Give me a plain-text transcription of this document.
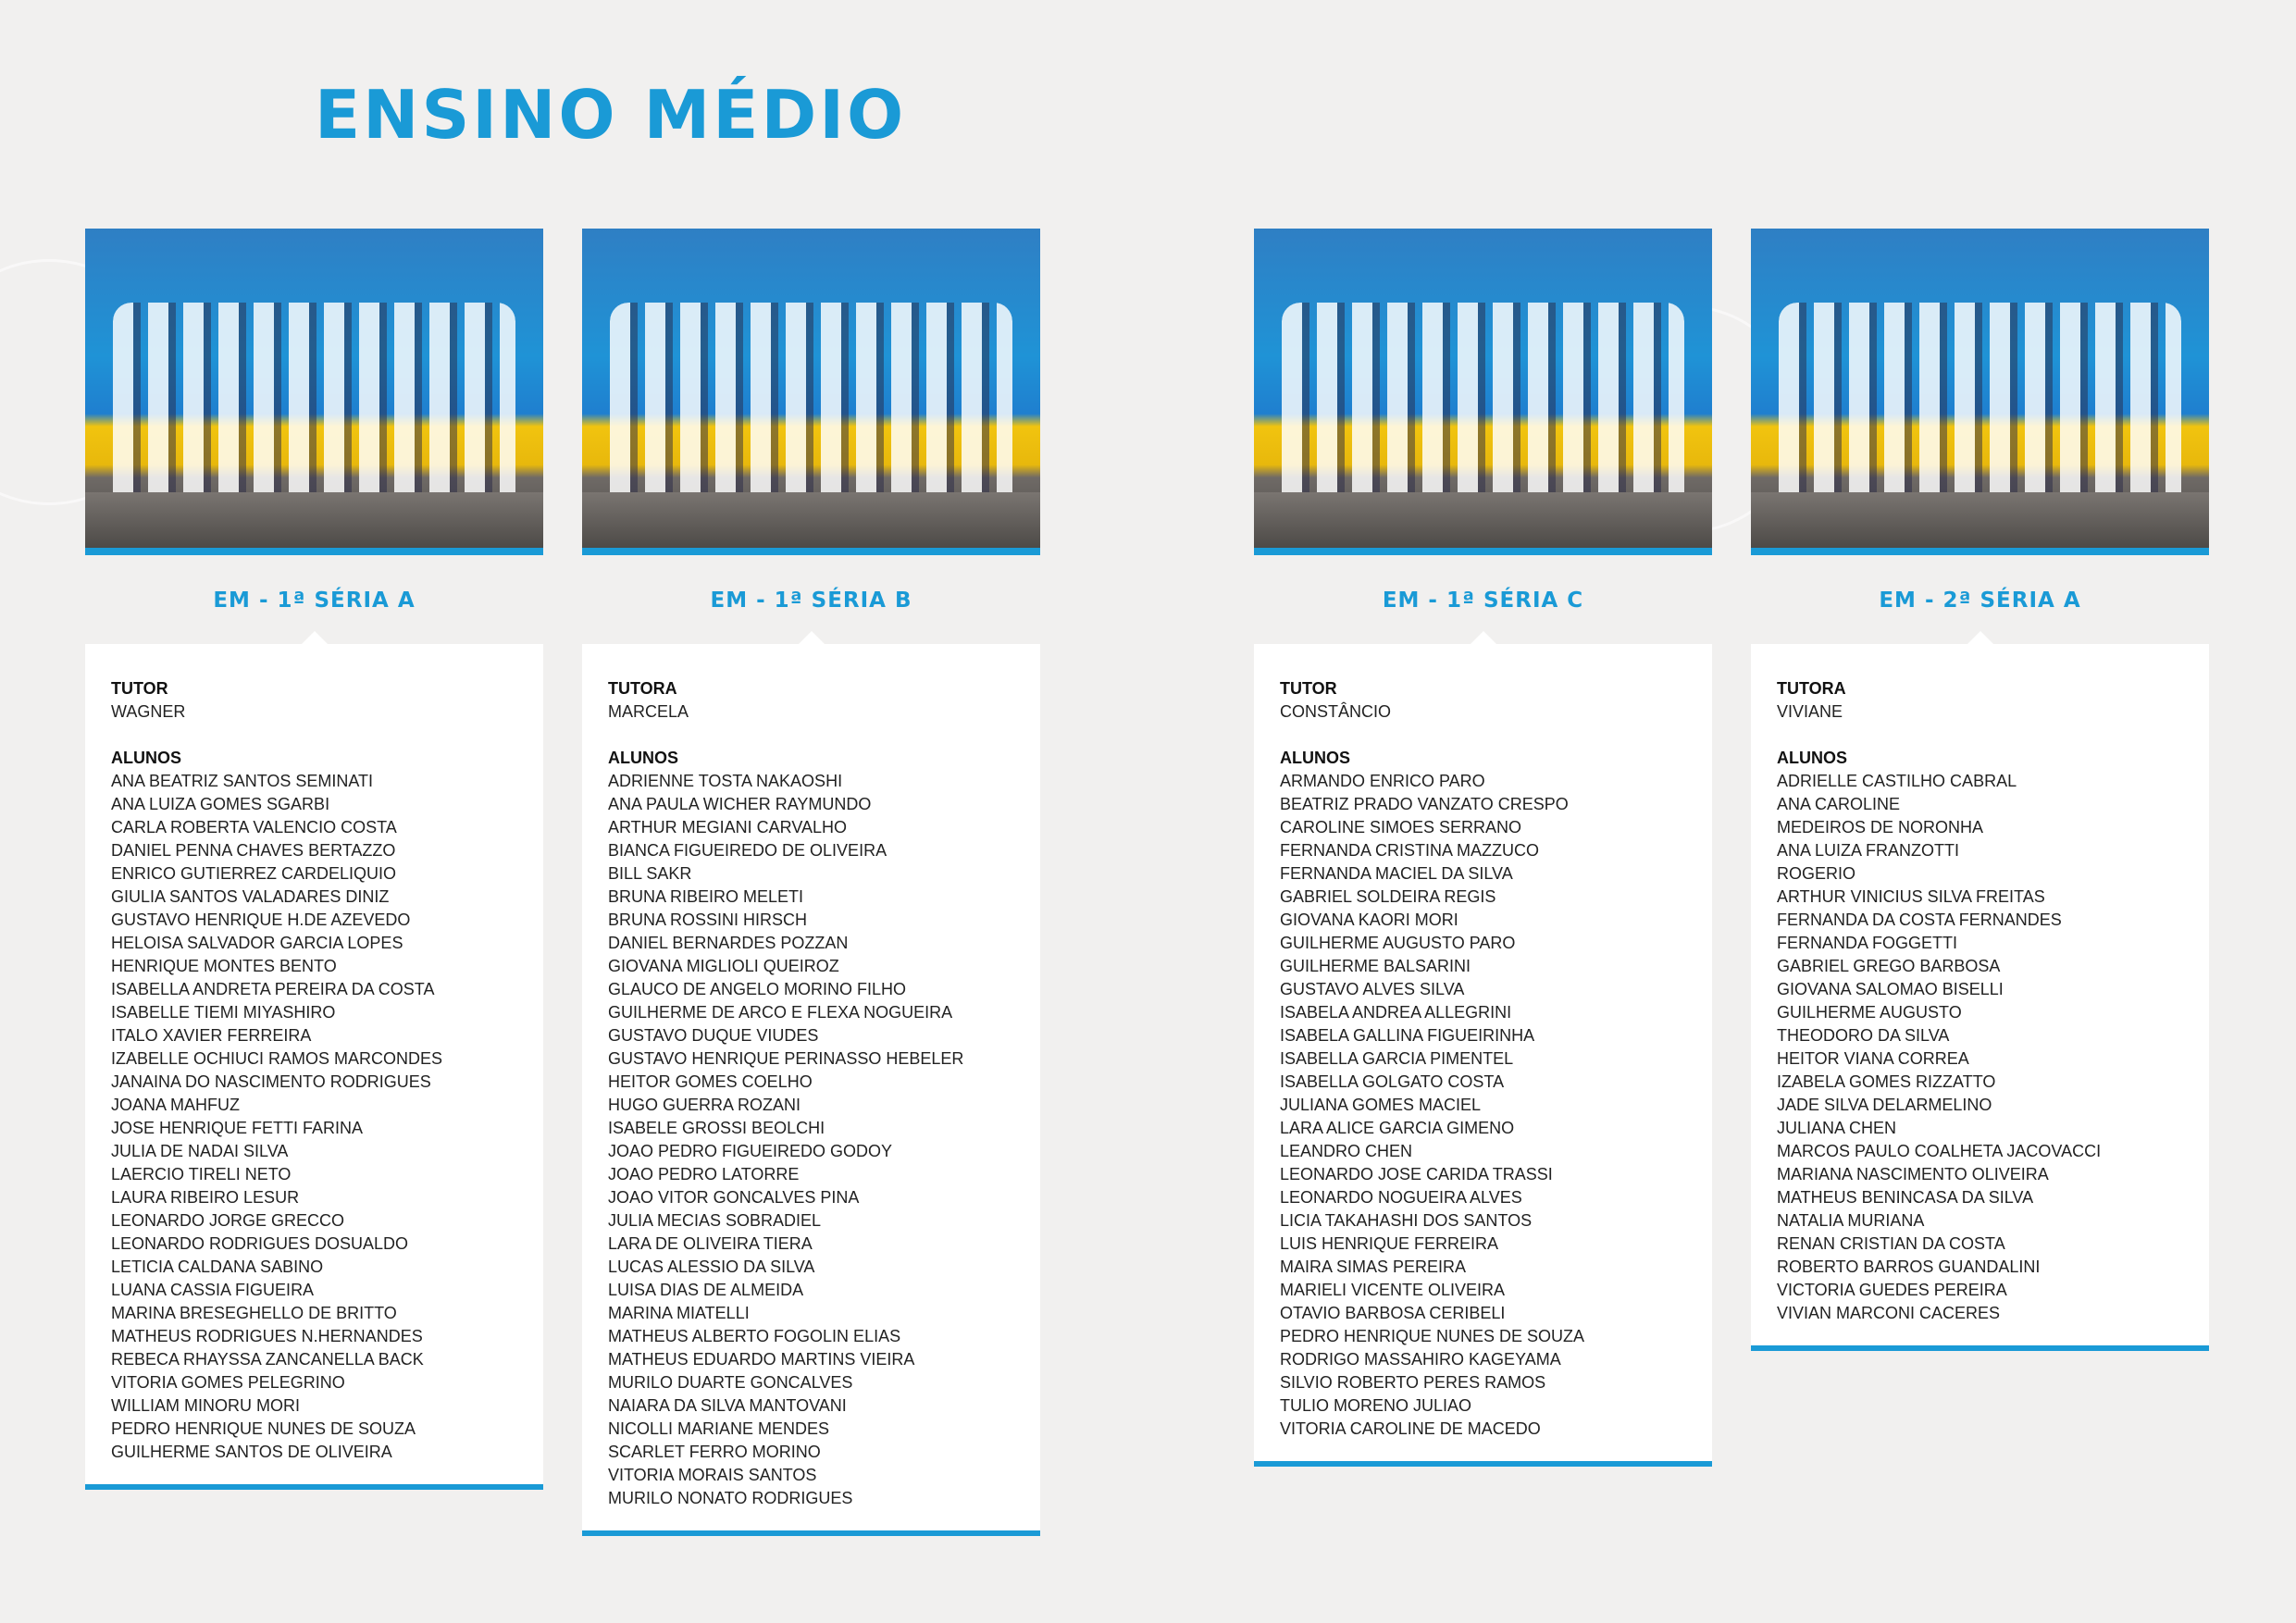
ENSINO MÉDIO
EM - 1ª SÉRIA A

TUTOR

WAGNER

ALUNOS

ANA BEATRIZ SANTOS SEMINATI
ANA LUIZA GOMES SGARBI
CARLA ROBERTA VALENCIO COSTA
DANIEL PENNA CHAVES BERTAZZO
ENRICO GUTIERREZ CARDELIQUIO
GIULIA SANTOS VALADARES DINIZ
GUSTAVO HENRIQUE H.DE AZEVEDO
HELOISA SALVADOR GARCIA LOPES
HENRIQUE MONTES BENTO
ISABELLA ANDRETA PEREIRA DA COSTA
ISABELLE TIEMI MIYASHIRO
ITALO XAVIER FERREIRA
IZABELLE OCHIUCI RAMOS MARCONDES
JANAINA DO NASCIMENTO RODRIGUES
JOANA MAHFUZ
JOSE HENRIQUE FETTI FARINA
JULIA DE NADAI SILVA
LAERCIO TIRELI NETO
LAURA RIBEIRO LESUR
LEONARDO JORGE GRECCO
LEONARDO RODRIGUES DOSUALDO
LETICIA CALDANA SABINO
LUANA CASSIA FIGUEIRA
MARINA BRESEGHELLO DE BRITTO
MATHEUS RODRIGUES N.HERNANDES
REBECA RHAYSSA ZANCANELLA BACK
VITORIA GOMES PELEGRINO
WILLIAM MINORU MORI
PEDRO HENRIQUE NUNES DE SOUZA
GUILHERME SANTOS DE OLIVEIRA
EM - 1ª SÉRIA B

TUTORA

MARCELA

ALUNOS

ADRIENNE TOSTA NAKAOSHI
ANA PAULA WICHER RAYMUNDO
ARTHUR MEGIANI CARVALHO
BIANCA FIGUEIREDO DE OLIVEIRA
BILL SAKR
BRUNA RIBEIRO MELETI
BRUNA ROSSINI HIRSCH
DANIEL BERNARDES POZZAN
GIOVANA MIGLIOLI QUEIROZ
GLAUCO DE ANGELO MORINO FILHO
GUILHERME DE ARCO E FLEXA NOGUEIRA
GUSTAVO DUQUE VIUDES
GUSTAVO HENRIQUE PERINASSO HEBELER
HEITOR GOMES COELHO
HUGO GUERRA ROZANI
ISABELE GROSSI BEOLCHI
JOAO PEDRO FIGUEIREDO GODOY
JOAO PEDRO LATORRE
JOAO VITOR GONCALVES PINA
JULIA MECIAS SOBRADIEL
LARA DE OLIVEIRA TIERA
LUCAS ALESSIO DA SILVA
LUISA DIAS DE ALMEIDA
MARINA MIATELLI
MATHEUS ALBERTO FOGOLIN ELIAS
MATHEUS EDUARDO MARTINS VIEIRA
MURILO DUARTE GONCALVES
NAIARA DA SILVA MANTOVANI
NICOLLI MARIANE MENDES
SCARLET FERRO MORINO
VITORIA MORAIS SANTOS
MURILO NONATO RODRIGUES
EM - 1ª SÉRIA C

TUTOR

CONSTÂNCIO

ALUNOS

ARMANDO ENRICO PARO
BEATRIZ PRADO VANZATO CRESPO
CAROLINE SIMOES SERRANO
FERNANDA CRISTINA MAZZUCO
FERNANDA MACIEL DA SILVA
GABRIEL SOLDEIRA REGIS
GIOVANA KAORI MORI
GUILHERME AUGUSTO PARO
GUILHERME BALSARINI
GUSTAVO ALVES SILVA
ISABELA ANDREA ALLEGRINI
ISABELA GALLINA FIGUEIRINHA
ISABELLA GARCIA PIMENTEL
ISABELLA GOLGATO COSTA
JULIANA GOMES MACIEL
LARA ALICE GARCIA GIMENO
LEANDRO CHEN
LEONARDO JOSE CARIDA TRASSI
LEONARDO NOGUEIRA ALVES
LICIA TAKAHASHI DOS SANTOS
LUIS HENRIQUE FERREIRA
MAIRA SIMAS PEREIRA
MARIELI VICENTE OLIVEIRA
OTAVIO BARBOSA CERIBELI
PEDRO HENRIQUE NUNES DE SOUZA
RODRIGO MASSAHIRO KAGEYAMA
SILVIO ROBERTO PERES RAMOS
TULIO MORENO JULIAO
VITORIA CAROLINE DE MACEDO
EM - 2ª SÉRIA A

TUTORA

VIVIANE

ALUNOS

ADRIELLE CASTILHO CABRAL
ANA CAROLINE
MEDEIROS DE NORONHA
ANA LUIZA FRANZOTTI
ROGERIO
ARTHUR VINICIUS SILVA FREITAS
FERNANDA DA COSTA FERNANDES
FERNANDA FOGGETTI
GABRIEL GREGO BARBOSA
GIOVANA SALOMAO BISELLI
GUILHERME AUGUSTO
THEODORO DA SILVA
HEITOR VIANA CORREA
IZABELA GOMES RIZZATTO
JADE SILVA DELARMELINO
JULIANA CHEN
MARCOS PAULO COALHETA JACOVACCI
MARIANA NASCIMENTO OLIVEIRA
MATHEUS BENINCASA DA SILVA
NATALIA MURIANA
RENAN CRISTIAN DA COSTA
ROBERTO BARROS GUANDALINI
VICTORIA GUEDES PEREIRA
VIVIAN MARCONI CACERES
